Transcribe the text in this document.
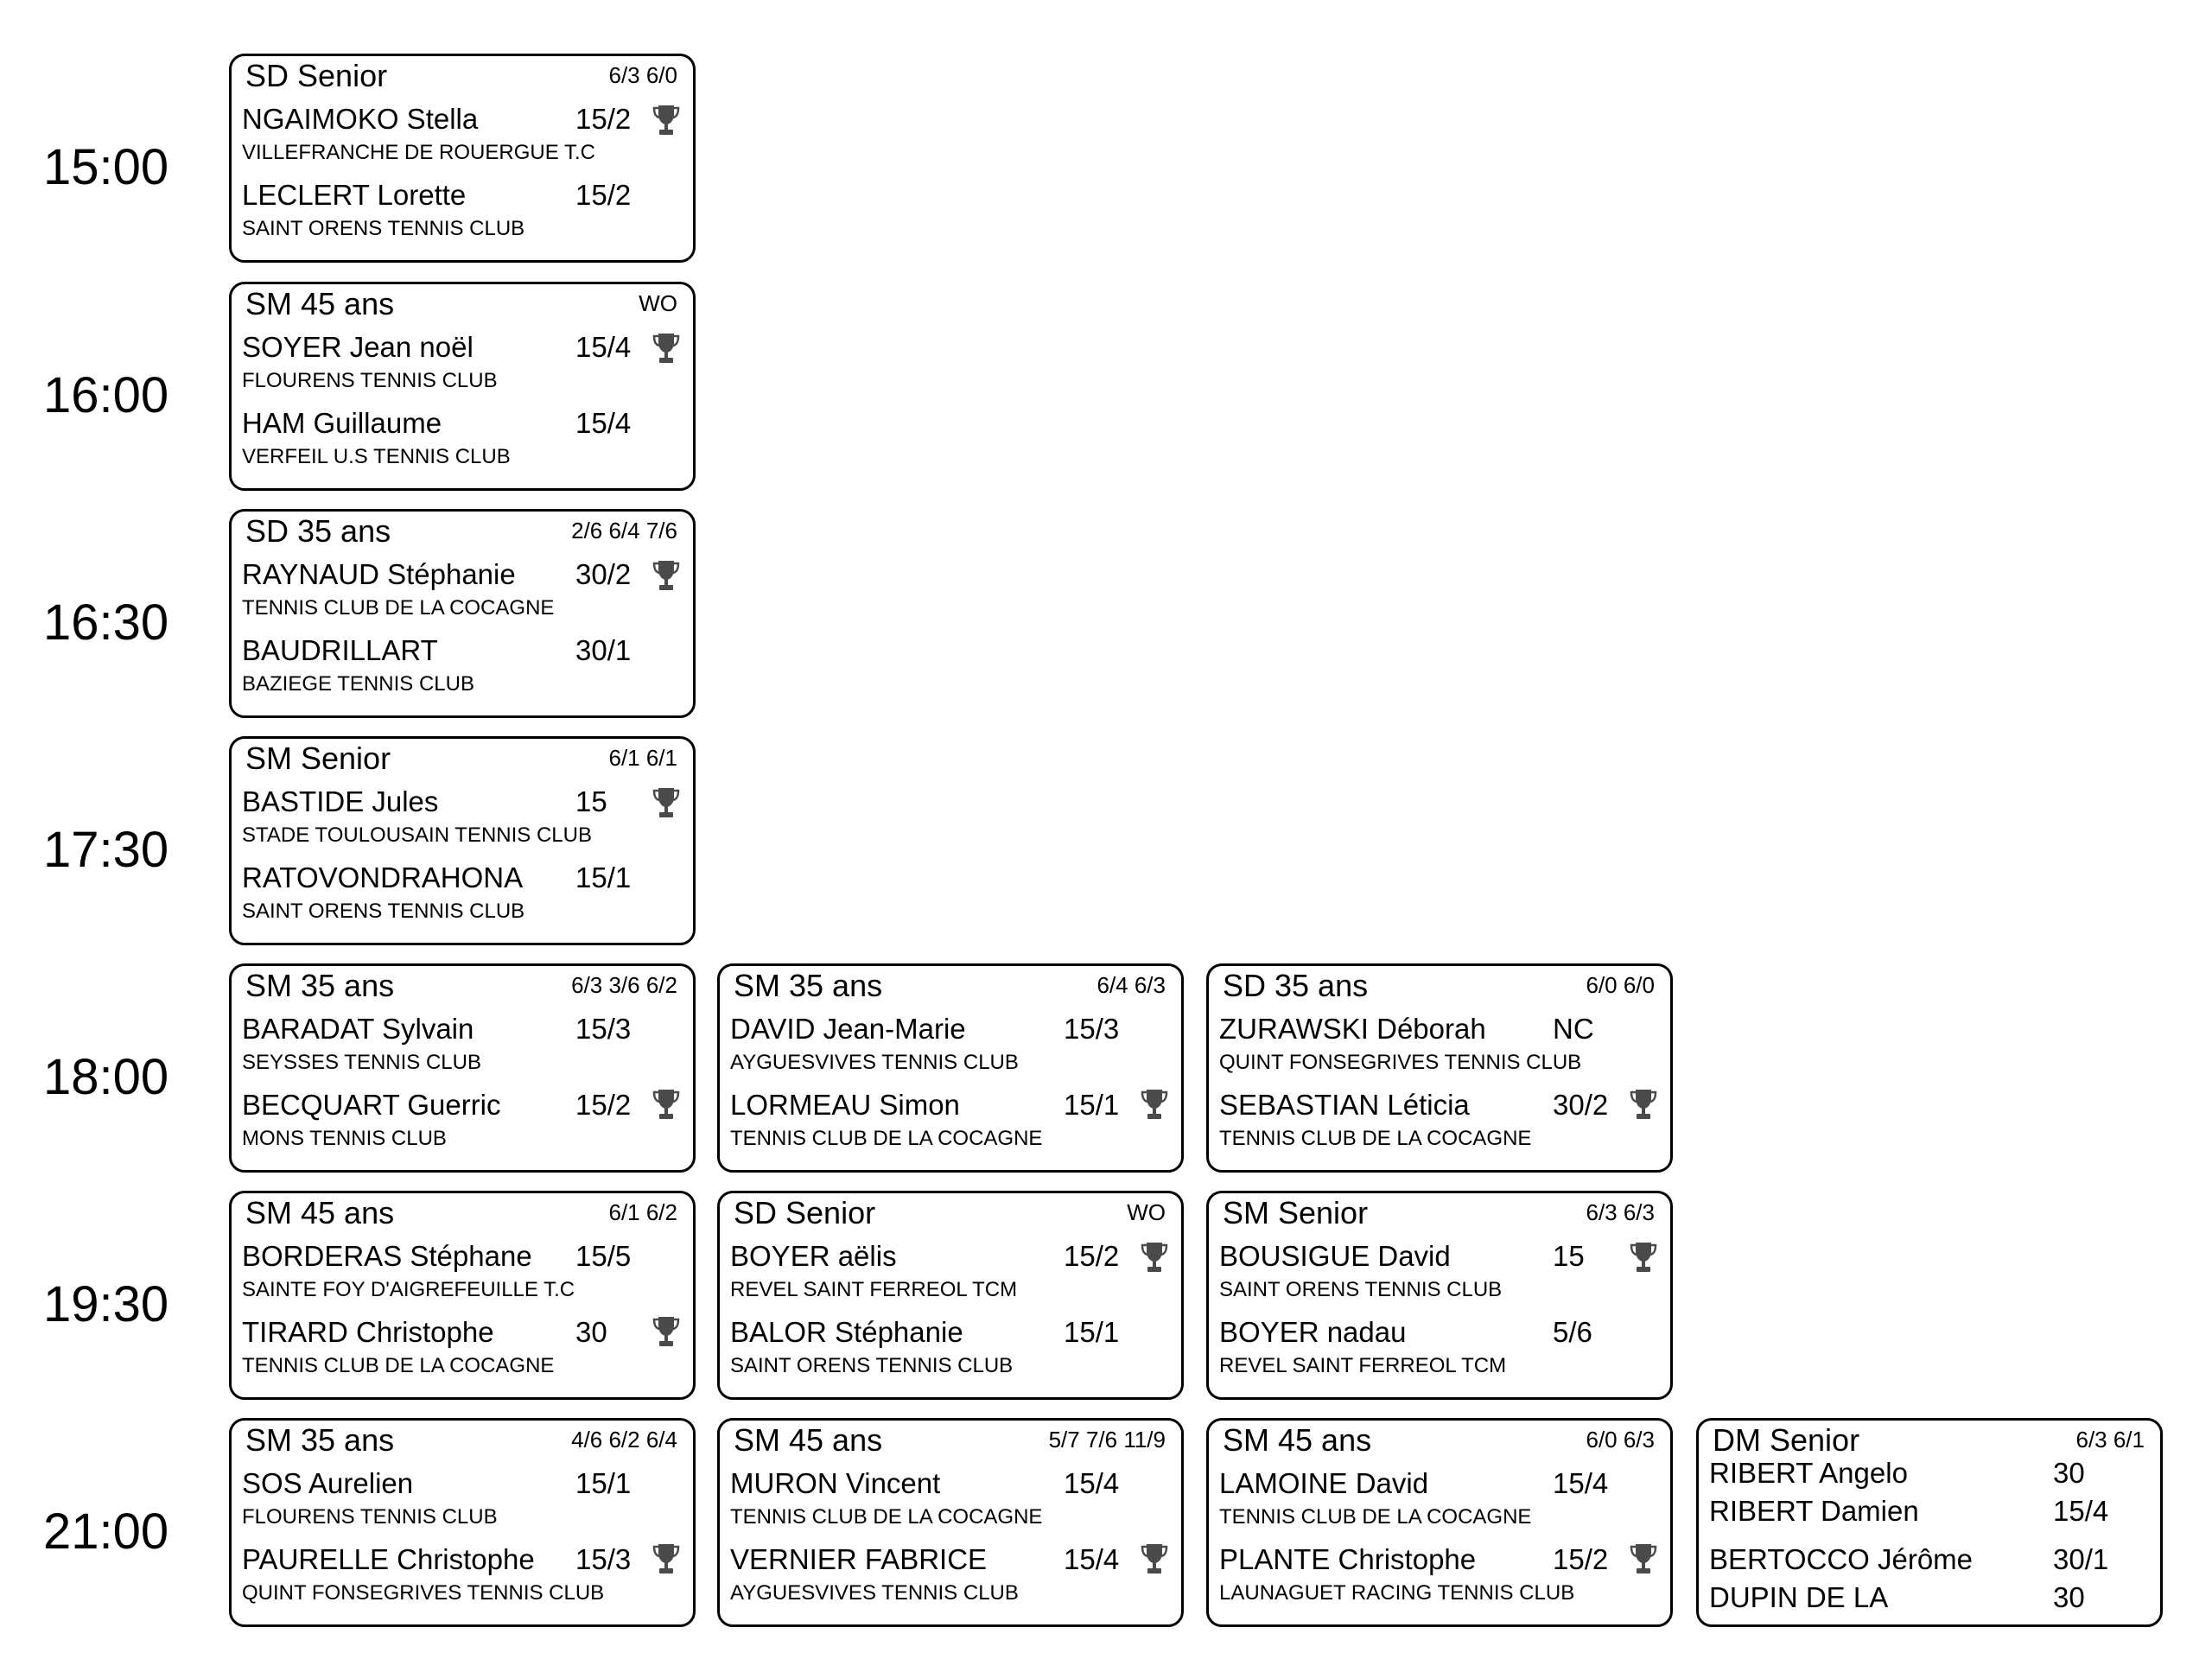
15:00
16:00
16:30
17:30
18:00
19:30
21:00
SD Senior	6/3 6/0
NGAIMOKO Stella	15/2
VILLEFRANCHE DE ROUERGUE T.C
LECLERT Lorette	15/2
SAINT ORENS TENNIS CLUB
SM 45 ans	WO
SOYER Jean noël	15/4
FLOURENS TENNIS CLUB
HAM Guillaume	15/4
VERFEIL U.S TENNIS CLUB
SD 35 ans	2/6 6/4 7/6
RAYNAUD Stéphanie 30/2
TENNIS CLUB DE LA COCAGNE
BAUDRILLART	30/1
BAZIEGE TENNIS CLUB
SM Senior	6/1 6/1
BASTIDE Jules	15
STADE TOULOUSAIN TENNIS CLUB
RATOVONDRAHONA 15/1
SAINT ORENS TENNIS CLUB
SM 35 ans	6/3 3/6 6/2
BARADAT Sylvain	15/3
SEYSSES TENNIS CLUB
BECQUART Guerric	15/2
MONS TENNIS CLUB
SM 35 ans	6/4 6/3
DAVID Jean-Marie	15/3
AYGUESVIVES TENNIS CLUB
LORMEAU Simon	15/1
TENNIS CLUB DE LA COCAGNE
SD 35 ans	6/0 6/0
ZURAWSKI Déborah NC
QUINT FONSEGRIVES TENNIS CLUB
SEBASTIAN Léticia	30/2
TENNIS CLUB DE LA COCAGNE
SM 45 ans	6/1 6/2
BORDERAS Stéphane 15/5
SAINTE FOY D'AIGREFEUILLE T.C
TIRARD Christophe	30
TENNIS CLUB DE LA COCAGNE
SD Senior	WO
BOYER aëlis	15/2
REVEL SAINT FERREOL TCM
BALOR Stéphanie	15/1
SAINT ORENS TENNIS CLUB
SM Senior	6/3 6/3
BOUSIGUE David	15
SAINT ORENS TENNIS CLUB
BOYER nadau	5/6
REVEL SAINT FERREOL TCM
SM 35 ans	4/6 6/2 6/4
SOS Aurelien	15/1
FLOURENS TENNIS CLUB
PAURELLE Christophe 15/3
QUINT FONSEGRIVES TENNIS CLUB
SM 45 ans	5/7 7/6 11/9
MURON Vincent	15/4
TENNIS CLUB DE LA COCAGNE
VERNIER FABRICE	15/4
AYGUESVIVES TENNIS CLUB
SM 45 ans	6/0 6/3
LAMOINE David	15/4
TENNIS CLUB DE LA COCAGNE
PLANTE Christophe	15/2
LAUNAGUET RACING TENNIS CLUB
DM Senior	6/3 6/1
RIBERT Angelo	30
RIBERT Damien	15/4
BERTOCCO Jérôme	30/1
DUPIN DE LA	30
